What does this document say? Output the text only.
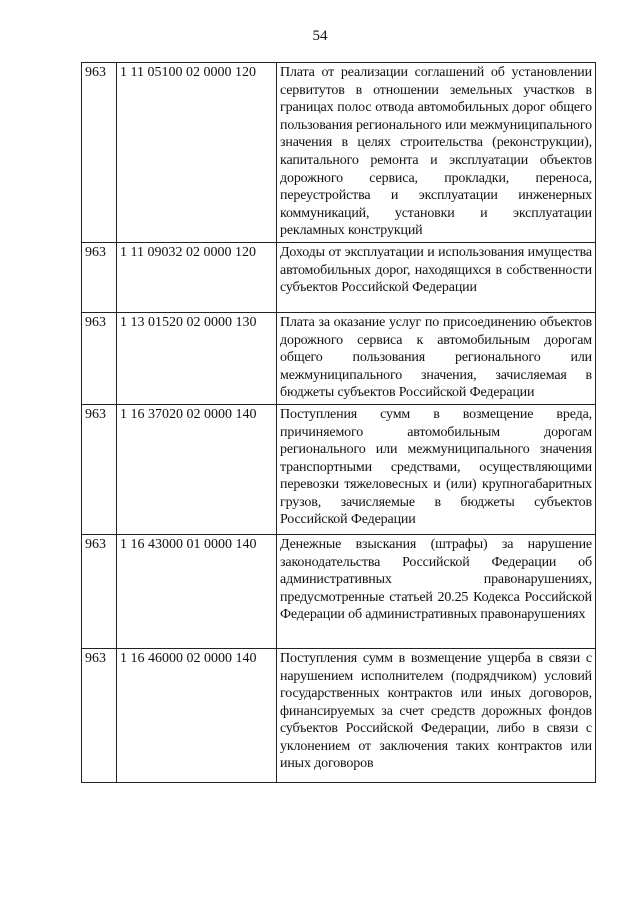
54
963	1 11 05100 02 0000 120	Плата от реализации соглашений об установлении сервитутов в отношении земельных участков в границах полос отвода автомобильных дорог общего пользования регионального или межмуниципального значения в целях строительства (реконструкции), капитального ремонта и эксплуатации объектов дорожного сервиса, прокладки, переноса, переустройства и эксплуатации инженерных коммуникаций, установки и эксплуатации рекламных конструкций
963	1 11 09032 02 0000 120	Доходы от эксплуатации и использования имущества автомобильных дорог, находящихся в собственности субъектов Российской Федерации
963	1 13 01520 02 0000 130	Плата за оказание услуг по присоединению объектов дорожного сервиса к автомобильным дорогам общего пользования регионального или межмуниципального значения, зачисляемая в бюджеты субъектов Российской Федерации
963	1 16 37020 02 0000 140	Поступления сумм в возмещение вреда, причиняемого автомобильным дорогам регионального или межмуниципального значения транспортными средствами, осуществляющими перевозки тяжеловесных и (или) крупногабаритных грузов, зачисляемые в бюджеты субъектов Российской Федерации
963	1 16 43000 01 0000 140	Денежные взыскания (штрафы) за нарушение законодательства Российской Федерации об административных правонарушениях, предусмотренные статьей 20.25 Кодекса Российской Федерации об административных правонарушениях
963	1 16 46000 02 0000 140	Поступления сумм в возмещение ущерба в связи с нарушением исполнителем (подрядчиком) условий государственных контрактов или иных договоров, финансируемых за счет средств дорожных фондов субъектов Российской Федерации, либо в связи с уклонением от заключения таких контрактов или иных договоров
